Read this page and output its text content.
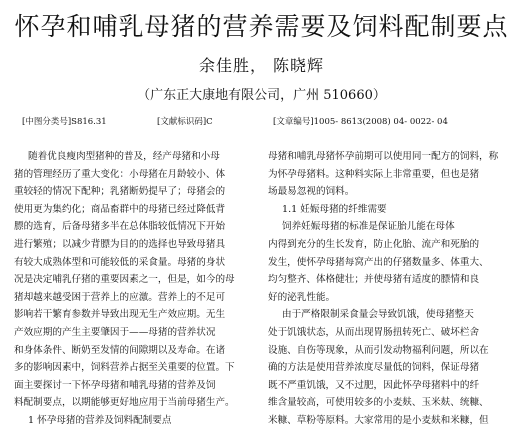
怀孕和哺乳母猪的营养需要及饲料配制要点
余佳胜， 陈晓辉
（广东正大康地有限公司，广州 510660）
[中图分类号]S816.31	[文献标识码]C	[文章编号]1005- 8613(2008) 04- 0022- 04
随着优良瘦肉型猪种的普及，经产母猪和小母
猪的管理经历了重大变化：小母猪在月龄较小、体
重较轻的情况下配种；乳猪断奶提早了；母猪会的
使用更为集约化；商品畜群中的母猪已经过降低背
膘的选育，后备母猪多半在总体脂较低情况下开始
进行繁殖；以减少背膘为目的的选择也导致母猪具
有较大成熟体型和可能较低的采食量。母猪的身状
况是决定哺乳仔猪的重要因素之一，但是，如今的母
猪却越来越受困于营养上的应激。营养上的不足可
影响若干繁育参数并导致出现无生产效应期。无生
产效应期的产生主要肇因于——母猪的营养状况
和身体条件、断奶至发情的间隙期以及寿命。在诸
多的影响因素中，饲料营养占据至关重要的位置。下
面主要探讨一下怀孕母猪和哺乳母猪的营养及饲
料配制要点，以期能够更好地应用于当前母猪生产。
1 怀孕母猪的营养及饲料配制要点
母猪和哺乳母猪怀孕前期可以使用同一配方的饲料，称
为怀孕母猪料。这种料实际上非常重要，但也是猪
场最易忽视的饲料。
1.1 妊娠母猪的纤维需要
饲养妊娠母猪的标准是保证胎儿能在母体
内得到充分的生长发育，防止化胎、流产和死胎的
发生，使怀孕母猪每窝产出的仔猪数量多、体重大、
均匀整齐、体格健壮；并使母猪有适度的膘情和良
好的泌乳性能。
由于严格限制采食量会导致饥饿，使母猪整天
处于饥饿状态，从而出现胃肠扭转死亡、破坏栏舍
设施、自伤等现象，从而引发动物福利问题，所以在
确的方法是使用营养浓度尽量低的饲料，保证母猪
既不严重饥饿，又不过肥，因此怀孕母猪料中的纤
维含量较高，可使用较多的小麦麸、玉米麸、统糠、
米糠、草粉等原料。大家常用的是小麦麸和米糠，但
